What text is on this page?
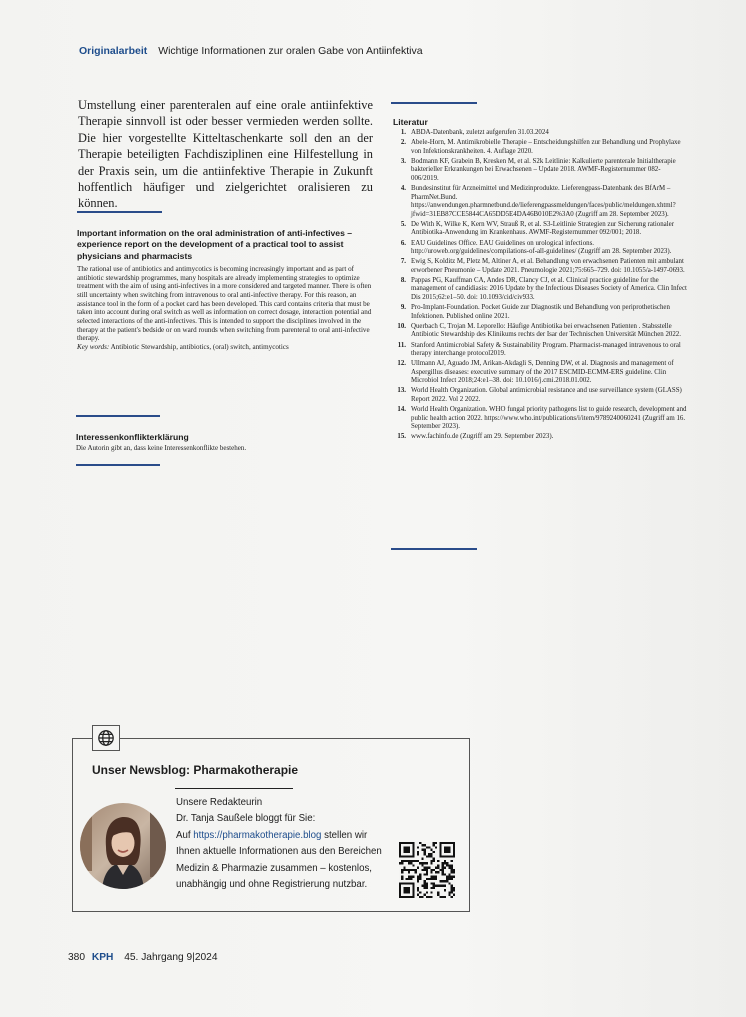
Originalarbeit Wichtige Informationen zur oralen Gabe von Antiinfektiva

Umstellung einer parenteralen auf eine orale antiinfektive Therapie sinnvoll ist oder besser vermieden werden sollte. Die hier vorgestellte Kitteltaschenkarte soll den an der Therapie beteiligten Fachdisziplinen eine Hilfestellung in der Praxis sein, um die antiinfektive Therapie in Zukunft hoffentlich häufiger und zielgerichtet oralisieren zu können.

Important information on the oral administration of anti-infectives – experience report on the development of a practical tool to assist physicians and pharmacists
The rational use of antibiotics and antimycotics is becoming increasingly important and as part of antibiotic stewardship programmes, many hospitals are already implementing strategies to optimize treatment with the aim of using anti-infectives in a more considered and targeted manner. There is often still uncertainty when switching from intravenous to oral anti-infective therapy. For this reason, an assistance tool in the form of a pocket card has been developed. This card contains criteria that must be taken into account during oral switch as well as information on correct dosage, interaction potential and selected interactions of the anti-infectives. This is intended to support the disciplines involved in the therapy at the patient's bedside or on ward rounds when switching from parenteral to oral anti-infective therapy.
Key words: Antibiotic Stewardship, antibiotics, (oral) switch, antimycotics
Interessenkonflikterklärung
Die Autorin gibt an, dass keine Interessenkonflikte bestehen.
Literatur
1. ABDA-Datenbank, zuletzt aufgerufen 31.03.2024
2. Abele-Horn, M. Antimikrobielle Therapie – Entscheidungshilfen zur Behandlung und Prophylaxe von Infektionskrankheiten. 4. Auflage 2020.
3. Bodmann KF, Grabein B, Kresken M, et al. S2k Leitlinie: Kalkulierte parenterale Initialtherapie bakterieller Erkrankungen bei Erwachsenen – Update 2018. AWMF-Registernummer 082-006/2019.
4. Bundesinstitut für Arzneimittel und Medizinprodukte. Lieferengpass-Datenbank des BfArM – PharmNet.Bund. https://anwendungen.pharmnetbund.de/lieferengpassmeldungen/faces/public/meldungen.xhtml?jfwid=31EB87CCE5844CA65DD5E4DA46B010E2%3A0 (Zugriff am 28. September 2023).
5. De With K, Wilke K, Kern WV, Strauß R, et al. S3-Leitlinie Strategien zur Sicherung rationaler Antibiotika-Anwendung im Krankenhaus. AWMF-Registernummer 092/001; 2018.
6. EAU Guidelines Office. EAU Guidelines on urological infections. http://uroweb.org/guidelines/compilations-of-all-guidelines/ (Zugriff am 28. September 2023).
7. Ewig S, Kolditz M, Pletz M, Altiner A, et al. Behandlung von erwachsenen Patienten mit ambulant erworbener Pneumonie – Update 2021. Pneumologie 2021;75:665–729. doi: 10.1055/a-1497-0693.
8. Pappas PG, Kauffman CA, Andes DR, Clancy CJ, et al. Clinical practice guideline for the management of candidiasis: 2016 Update by the Infectious Diseases Society of America. Clin Infect Dis 2015;62:e1–50. doi: 10.1093/cid/civ933.
9. Pro-Implant-Foundation. Pocket Guide zur Diagnostik und Behandlung von periprothetischen Infektionen. Published online 2021.
10. Querbach C, Trojan M. Leporello: Häufige Antibiotika bei erwachsenen Patienten . Stabsstelle Antibiotic Stewardship des Klinikums rechts der Isar der Technischen Universität München 2022.
11. Stanford Antimicrobial Safety & Sustainability Program. Pharmacist-managed intravenous to oral therapy interchange protocol2019.
12. Ullmann AJ, Aguado JM, Arikan-Akdagli S, Denning DW, et al. Diagnosis and management of Aspergillus diseases: executive summary of the 2017 ESCMID-ECMM-ERS guideline. Clin Microbiol Infect 2018;24:e1–38. doi: 10.1016/j.cmi.2018.01.002.
13. World Health Organization. Global antimicrobial resistance and use surveillance system (GLASS) Report 2022. Vol 2 2022.
14. World Health Organization. WHO fungal priority pathogens list to guide research, development and public health action 2022. https://www.who.int/publications/i/item/9789240060241 (Zugriff am 16. September 2023).
15. www.fachinfo.de (Zugriff am 29. September 2023).
Unser Newsblog: Pharmakotherapie
Unsere Redakteurin
Dr. Tanja Saußele bloggt für Sie:
Auf https://pharmakotherapie.blog stellen wir Ihnen aktuelle Informationen aus den Bereichen Medizin & Pharmazie zusammen – kostenlos, unabhängig und ohne Registrierung nutzbar.
380 KPH 45. Jahrgang 9|2024
